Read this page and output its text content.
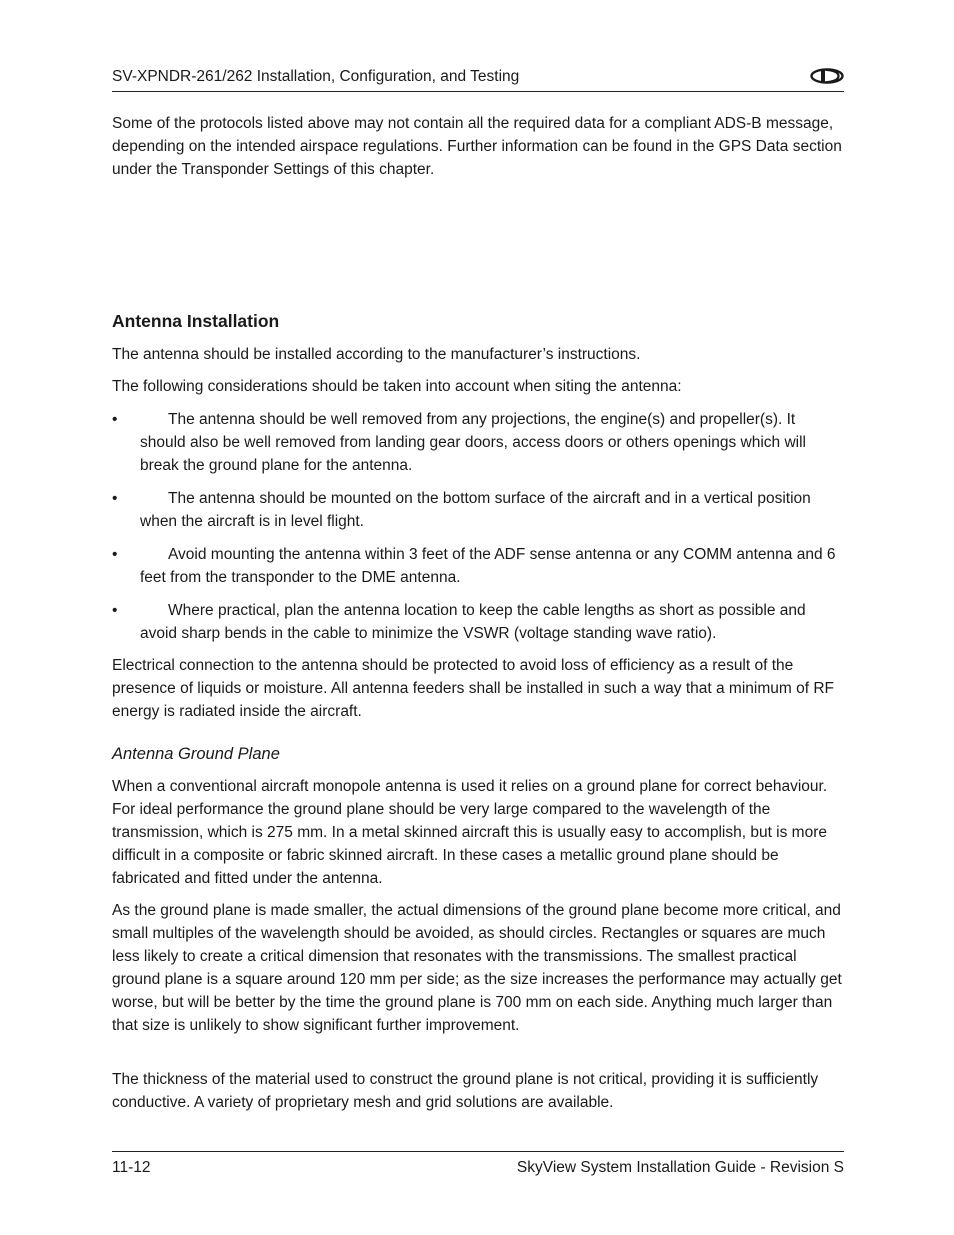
SV-XPNDR-261/262 Installation, Configuration, and Testing

Some of the protocols listed above may not contain all the required data for a compliant ADS-B message, depending on the intended airspace regulations. Further information can be found in the GPS Data section under the Transponder Settings of this chapter.

Antenna Installation

The antenna should be installed according to the manufacturer’s instructions.

The following considerations should be taken into account when siting the antenna:

•	The antenna should be well removed from any projections, the engine(s) and propeller(s). It should also be well removed from landing gear doors, access doors or others openings which will break the ground plane for the antenna.
•	The antenna should be mounted on the bottom surface of the aircraft and in a vertical position when the aircraft is in level flight.
•	Avoid mounting the antenna within 3 feet of the ADF sense antenna or any COMM antenna and 6 feet from the transponder to the DME antenna.
•	Where practical, plan the antenna location to keep the cable lengths as short as possible and avoid sharp bends in the cable to minimize the VSWR (voltage standing wave ratio).

Electrical connection to the antenna should be protected to avoid loss of efficiency as a result of the presence of liquids or moisture. All antenna feeders shall be installed in such a way that a minimum of RF energy is radiated inside the aircraft.

Antenna Ground Plane

When a conventional aircraft monopole antenna is used it relies on a ground plane for correct behaviour. For ideal performance the ground plane should be very large compared to the wavelength of the transmission, which is 275 mm. In a metal skinned aircraft this is usually easy to accomplish, but is more difficult in a composite or fabric skinned aircraft. In these cases a metallic ground plane should be fabricated and fitted under the antenna.

As the ground plane is made smaller, the actual dimensions of the ground plane become more critical, and small multiples of the wavelength should be avoided, as should circles. Rectangles or squares are much less likely to create a critical dimension that resonates with the transmissions. The smallest practical ground plane is a square around 120 mm per side; as the size increases the performance may actually get worse, but will be better by the time the ground plane is 700 mm on each side. Anything much larger than that size is unlikely to show significant further improvement.

The thickness of the material used to construct the ground plane is not critical, providing it is sufficiently conductive. A variety of proprietary mesh and grid solutions are available.

11-12	SkyView System Installation Guide - Revision S
